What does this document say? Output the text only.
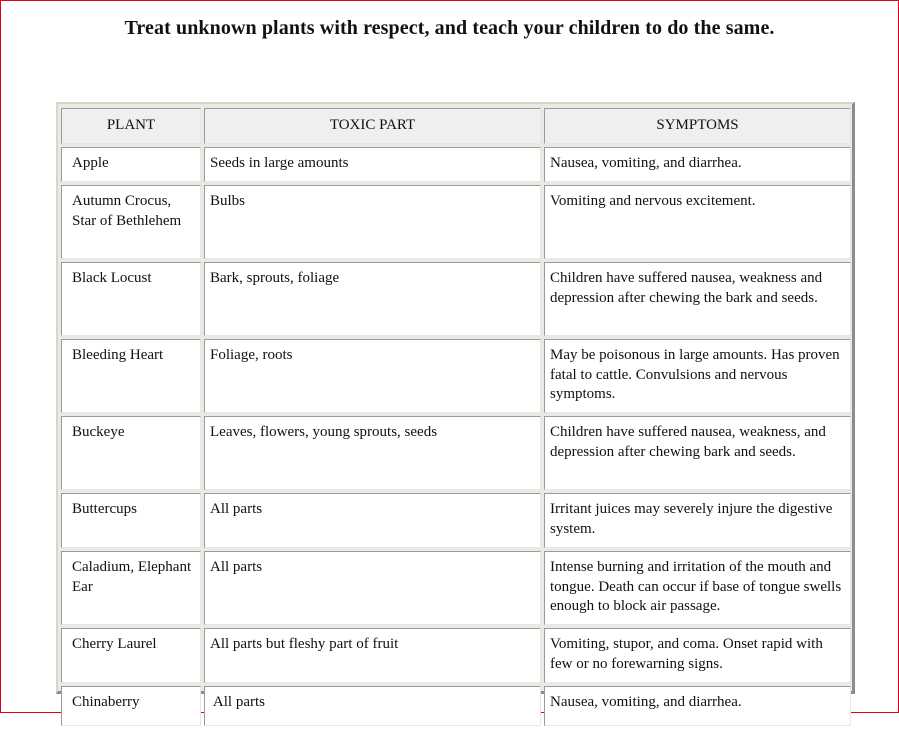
Treat unknown plants with respect, and teach your children to do the same.
PLANT	TOXIC PART	SYMPTOMS
Apple	Seeds in large amounts	Nausea, vomiting, and diarrhea.
Autumn Crocus, Star of Bethlehem	Bulbs	Vomiting and nervous excitement.
Black Locust	Bark, sprouts, foliage	Children have suffered nausea, weakness and depression after chewing the bark and seeds.
Bleeding Heart	Foliage, roots	May be poisonous in large amounts. Has proven fatal to cattle. Convulsions and nervous symptoms.
Buckeye	Leaves, flowers, young sprouts, seeds	Children have suffered nausea, weakness, and depression after chewing bark and seeds.
Buttercups	All parts	Irritant juices may severely injure the digestive system.
Caladium, Elephant Ear	All parts	Intense burning and irritation of the mouth and tongue. Death can occur if base of tongue swells enough to block air passage.
Cherry Laurel	All parts but fleshy part of fruit	Vomiting, stupor, and coma. Onset rapid with few or no forewarning signs.
Chinaberry	All parts	Nausea, vomiting, and diarrhea.
